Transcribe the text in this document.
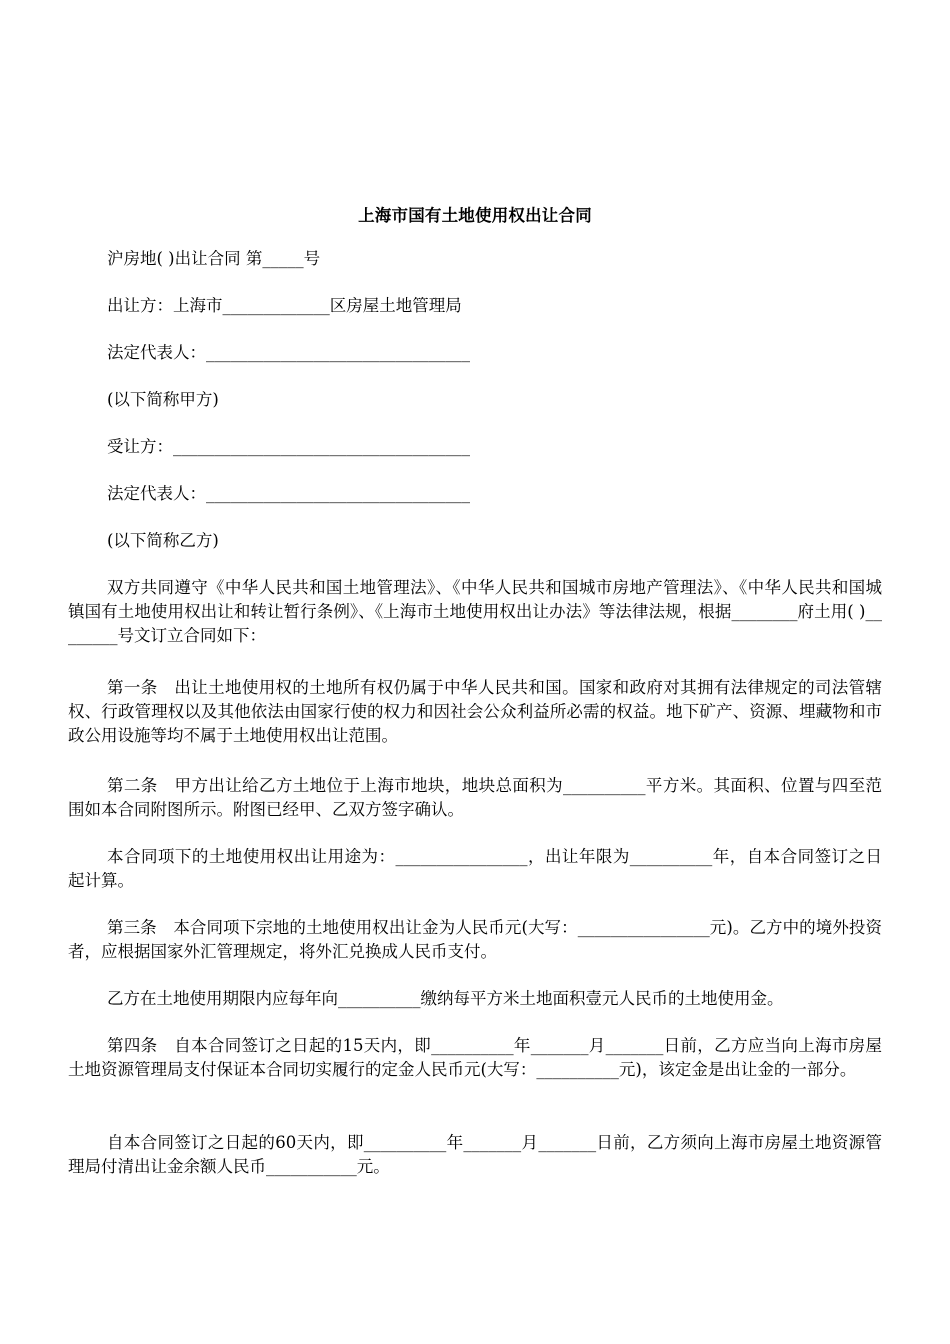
上海市国有土地使用权出让合同
沪房地( )出让合同 第_____号
出让方：上海市_____________区房屋土地管理局
法定代表人：________________________________
(以下简称甲方)
受让方：____________________________________
法定代表人：________________________________
(以下简称乙方)
双方共同遵守《中华人民共和国土地管理法》、《中华人民共和国城市房地产管理法》、《中华人民共和国城镇国有土地使用权出让和转让暂行条例》、《上海市土地使用权出让办法》等法律法规，根据________府土用( )________号文订立合同如下：
第一条　出让土地使用权的土地所有权仍属于中华人民共和国。国家和政府对其拥有法律规定的司法管辖权、行政管理权以及其他依法由国家行使的权力和因社会公众利益所必需的权益。地下矿产、资源、埋藏物和市政公用设施等均不属于土地使用权出让范围。
第二条　甲方出让给乙方土地位于上海市地块，地块总面积为__________平方米。其面积、位置与四至范围如本合同附图所示。附图已经甲、乙双方签字确认。
本合同项下的土地使用权出让用途为：________________，出让年限为__________年，自本合同签订之日起计算。
第三条　本合同项下宗地的土地使用权出让金为人民币元(大写：________________元)。乙方中的境外投资者，应根据国家外汇管理规定，将外汇兑换成人民币支付。
乙方在土地使用期限内应每年向__________缴纳每平方米土地面积壹元人民币的土地使用金。
第四条　自本合同签订之日起的15天内，即__________年_______月_______日前，乙方应当向上海市房屋土地资源管理局支付保证本合同切实履行的定金人民币元(大写：__________元)，该定金是出让金的一部分。
自本合同签订之日起的60天内，即__________年_______月_______日前，乙方须向上海市房屋土地资源管理局付清出让金余额人民币___________元。
